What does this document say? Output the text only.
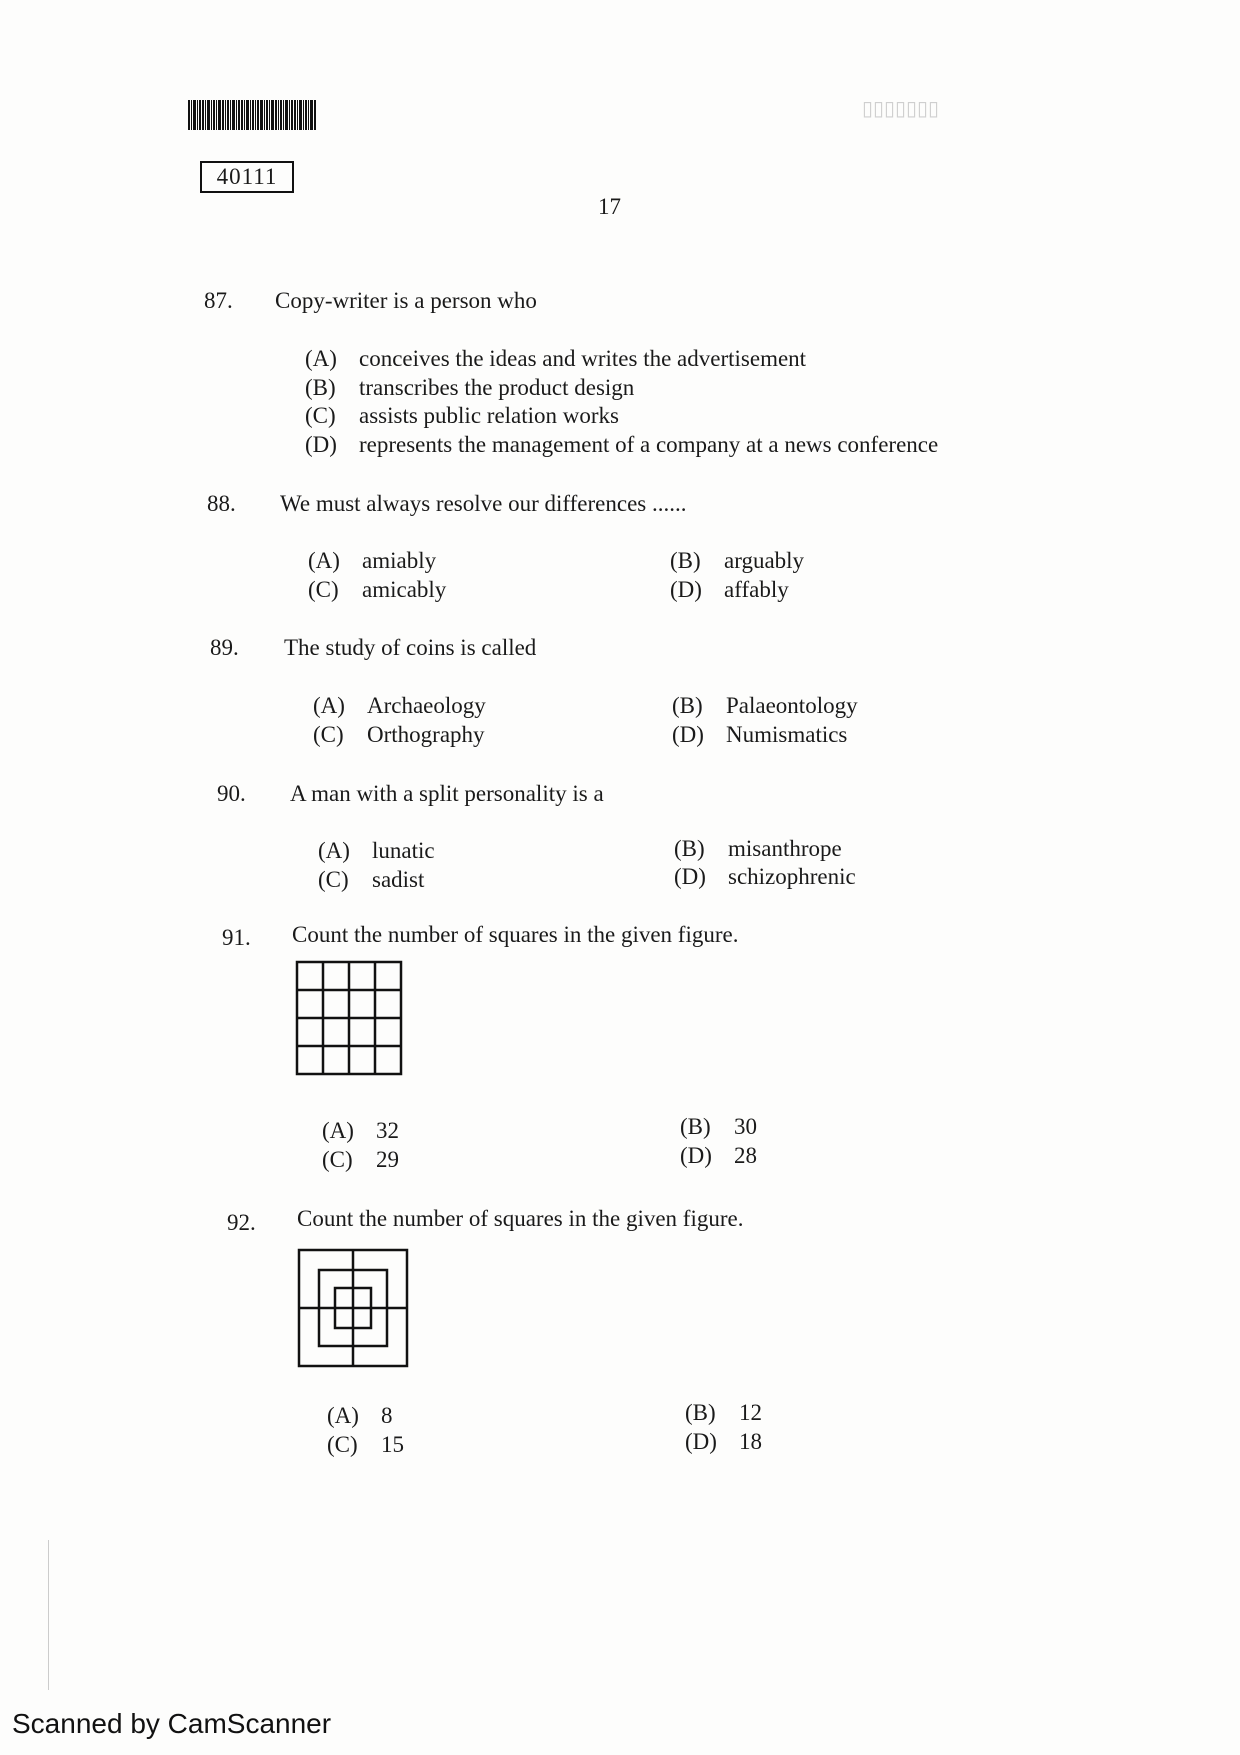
40111
17
▯▯▯▯▯▯▯
87. Copy-writer is a person who
(A) conceives the ideas and writes the advertisement
(B) transcribes the product design
(C) assists public relation works
(D) represents the management of a company at a news conference
88. We must always resolve our differences ......
(A) amiably	(B) arguably
(C) amicably	(D) affably
89. The study of coins is called
(A) Archaeology	(B) Palaeontology
(C) Orthography	(D) Numismatics
90. A man with a split personality is a
(A) lunatic	(B) misanthrope
(C) sadist	(D) schizophrenic
91. Count the number of squares in the given figure.
(A) 32	(B) 30
(C) 29	(D) 28
92. Count the number of squares in the given figure.
(A) 8	(B) 12
(C) 15	(D) 18
Scanned by CamScanner
